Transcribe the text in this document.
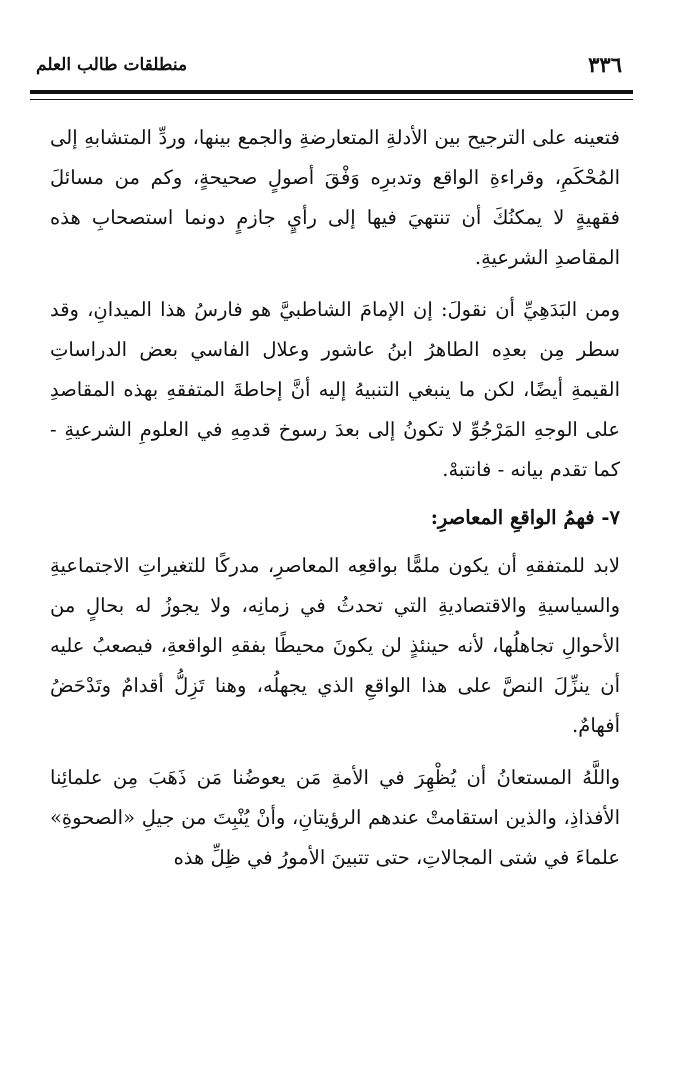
٣٣٦
منطلقات طالب العلم

فتعينه على الترجيح بين الأدلةِ المتعارضةِ والجمع بينها، وردِّ المتشابهِ إلى المُحْكَمِ، وقراءةِ الواقع وتدبرِه وَفْقَ أصولٍ صحيحةٍ، وكم من مسائلَ فقهيةٍ لا يمكنُكَ أن تنتهيَ فيها إلى رأيٍ جازمٍ دونما استصحابِ هذه المقاصدِ الشرعيةِ.

ومن البَدَهِيِّ أن نقولَ: إن الإمامَ الشاطبيَّ هو فارسُ هذا الميدانِ، وقد سطر مِن بعدِه الطاهرُ ابنُ عاشور وعلال الفاسي بعض الدراساتِ القيمةِ أيضًا، لكن ما ينبغي التنبيهُ إليه أنَّ إحاطةَ المتفقهِ بهذه المقاصدِ على الوجهِ المَرْجُوِّ لا تكونُ إلى بعدَ رسوخ قدمِهِ في العلومِ الشرعيةِ - كما تقدم بيانه - فانتبهْ.

٧- فهمُ الواقعِ المعاصرِ:

لابد للمتفقهِ أن يكون ملمًّا بواقعِه المعاصرِ، مدركًا للتغيراتِ الاجتماعيةِ والسياسيةِ والاقتصاديةِ التي تحدثُ في زمانِه، ولا يجوزُ له بحالٍ من الأحوالِ تجاهلُها، لأنه حينئذٍ لن يكونَ محيطًا بفقهِ الواقعةِ، فيصعبُ عليه أن ينزِّلَ النصَّ على هذا الواقعِ الذي يجهلُه، وهنا تَزِلُّ أقدامٌ وتَدْحَضُ أفهامٌ.

واللَّهُ المستعانُ أن يُظْهِرَ في الأمةِ مَن يعوضُنا مَن ذَهَبَ مِن علمائِنا الأفذاذِ، والذين استقامتْ عندهم الرؤيتانِ، وأنْ يُنْبِتَ من جيلِ «الصحوةِ» علماءَ في شتى المجالاتِ، حتى تتبينَ الأمورُ في ظِلِّ هذه
